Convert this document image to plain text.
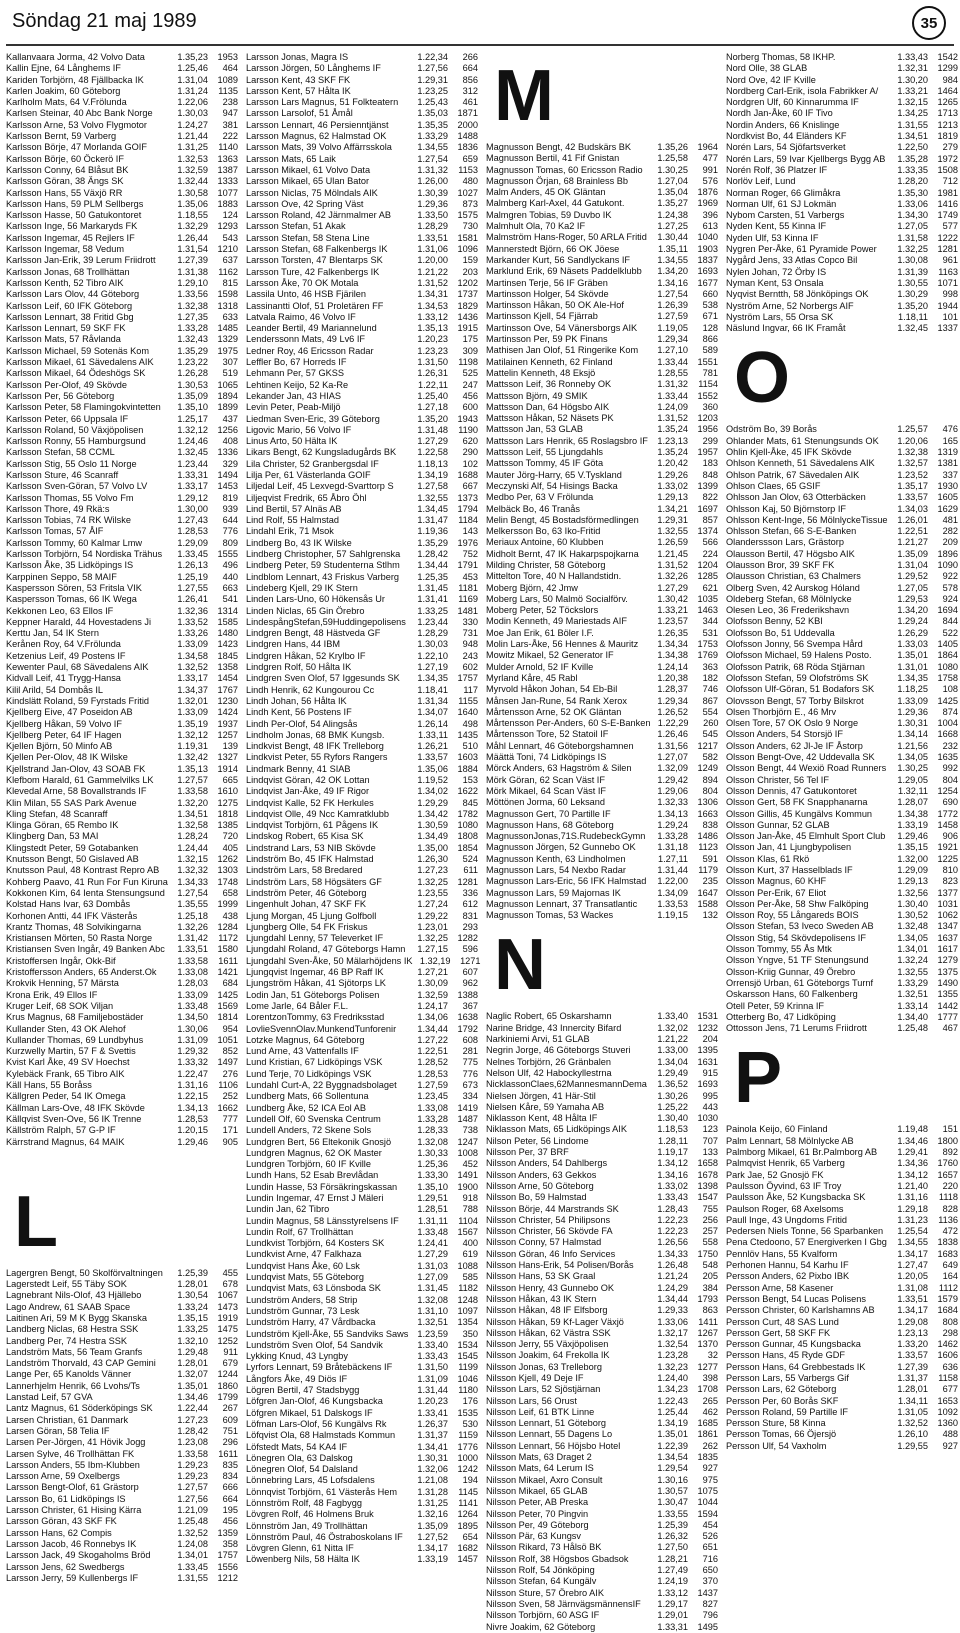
Söndag 21 maj 1989	35
Kallanvaara Jorma, 42 Volvo Data	1.35,23	1953
Kallin Ejne, 64 Långhems IF	1.25,46	464
Kariden Torbjörn, 48 Fjällbacka IK	1.31,04	1089
Karlen Joakim, 60 Göteborg	1.31,24	1135
Karlholm Mats, 64 V.Frölunda	1.22,06	238
Karlsen Steinar, 40 Abc Bank Norge	1.30,03	947
Karlsson Arne, 53 Volvo Flygmotor	1.24,27	381
Karlsson Bernt, 59 Varberg	1.21,44	222
Karlsson Börje, 47 Morlanda GOIF	1.31,25	1140
Karlsson Börje, 60 Öckerö IF	1.32,53	1363
Karlsson Conny, 64 Blåsut BK	1.32,59	1387
Karlsson Göran, 38 Ängs SK	1.32,44	1333
Karlsson Hans, 55 Växjö RR	1.30,58	1077
Karlsson Hans, 59 PLM Sellbergs	1.35,06	1883
Karlsson Hasse, 50 Gatukontoret	1.18,55	124
Karlsson Inge, 56 Markaryds FK	1.32,29	1293
Karlsson Ingemar, 45 Rejlers IF	1.26,44	543
Karlsson Ingemar, 58 Vedum	1.31,54	1210
Karlsson Jan-Erik, 39 Lerum Friidrott	1.27,39	637
Karlsson Jonas, 68 Trollhättan	1.31,38	1162
Karlsson Kenth, 52 Tibro AIK	1.29,10	815
Karlsson Lars Olov, 44 Göteborg	1.33,56	1598
Karlsson Leif, 60 IFK Göteborg	1.32,38	1318
Karlsson Lennart, 38 Fritid Gbg	1.27,35	633
Karlsson Lennart, 59 SKF FK	1.33,28	1485
Karlsson Mats, 57 Råvlanda	1.32,43	1329
Karlsson Michael, 59 Sotenäs Kom	1.35,29	1975
Karlsson Mikael, 61 Sävedalens AIK	1.23,22	307
Karlsson Mikael, 64 Ödeshögs SK	1.26,28	519
Karlsson Per-Olof, 49 Skövde	1.30,53	1065
Karlsson Per, 56 Göteborg	1.35,09	1894
Karlsson Peter, 58 Flamingokvintetten	1.35,10	1899
Karlsson Peter, 66 Uppsala IF	1.25,17	437
Karlsson Roland, 50 Växjöpolisen	1.32,12	1256
Karlsson Ronny, 55 Hamburgsund	1.24,46	408
Karlsson Stefan, 58 CCML	1.32,45	1336
Karlsson Stig, 55 Oslo 11 Norge	1.23,44	329
Karlsson Sture, 46 Scanraff	1.33,31	1494
Karlsson Sven-Göran, 57 Volvo LV	1.33,17	1453
Karlsson Thomas, 55 Volvo Fm	1.29,12	819
Karlsson Thore, 49 Rkä:s	1.30,00	939
Karlsson Tobias, 74 RK Wilske	1.27,43	644
Karlsson Tomas, 57 ÅIF	1.28,53	776
Karlsson Tommy, 60 Kalmar Lmw	1.29,09	809
Karlsson Torbjörn, 54 Nordiska Trähus	1.33,45	1555
Karlsson Åke, 35 Lidköpings IS	1.26,13	496
Karppinen Seppo, 58 MAIF	1.25,19	440
Kaspersson Sören, 53 Fritsla VIK	1.27,55	663
Kaspersson Tomas, 66 IK Wega	1.26,41	541
Kekkonen Leo, 63 Ellos IF	1.32,36	1314
Keppner Harald, 44 Hovestadens Ji	1.33,52	1585
Kerttu Jan, 54 IK Stern	1.33,26	1480
Kerånen Roy, 64 V.Frölunda	1.33,09	1423
Ketzenius Leif, 49 Postens IF	1.34,58	1845
Kewenter Paul, 68 Sävedalens AIK	1.32,52	1358
Kidvall Leif, 41 Trygg-Hansa	1.33,17	1454
Kilil Arild, 54 Dombås IL	1.34,37	1767
Kindslätt Roland, 59 Fyrstads Fritid	1.32,01	1230
Kjellberg Eive, 47 Poseidon AB	1.33,09	1424
Kjellberg Håkan, 59 Volvo IF	1.35,19	1937
Kjellberg Peter, 64 IF Hagen	1.32,12	1257
Kjellen Björn, 50 Minfo AB	1.19,31	139
Kjellen Per-Olov, 48 IK Wilske	1.32,42	1327
Kjellstrand Jan-Olov, 43 SOAB FK	1.35,13	1914
Klefbom Harald, 61 Gammelvilks LK	1.27,57	665
Klevedal Arne, 58 Bovallstrands IF	1.33,58	1610
Klin Milan, 55 SAS Park Avenue	1.32,20	1275
Kling Stefan, 48 Scanraff	1.34,51	1818
Klinga Göran, 65 Rembo IK	1.32,58	1385
Klingberg Dan, 53 MAI	1.28,24	720
Klingstedt Peter, 59 Gotabanken	1.24,44	405
Knutsson Bengt, 50 Gislaved AB	1.32,15	1262
Knutsson Paul, 48 Kontrast Repro AB	1.32,32	1303
Kohberg Paavo, 41 Run For Fun Kiruna	1.34,33	1748
Kokkonen Kim, 64 Ienta Stensungsund	1.27,54	658
Kolstad Hans Ivar, 63 Dombås	1.35,55	1999
Korhonen Antti, 44 IFK Västerås	1.25,18	438
Krantz Thomas, 48 Solvikingarna	1.32,26	1284
Kristiansen Mörten, 50 Rasta Norge	1.31,42	1172
Kristiansen Sven Ingår, 49 Banken Abc	1.33,51	1580
Kristoffersen Ingår, Okk-Bif	1.33,58	1611
Kristoffersson Anders, 65 Anderst.Ok	1.33,08	1421
Krokvik Henning, 57 Märsta	1.28,03	684
Krona Erik, 49 Ellos IF	1.33,09	1425
Kruger Leif, 68 SOK Viljan	1.33,48	1569
Krus Magnus, 68 Familjebostäder	1.34,50	1814
Kullander Sten, 43 OK Alehof	1.30,06	954
Kullander Thomas, 69 Lundbyhus	1.31,09	1051
Kurzwelly Martin, 57 F & Svettis	1.29,32	852
Kvist Karl Åke, 49 SV Hoechst	1.33,32	1497
Kylebäck Frank, 65 Tibro AIK	1.22,47	276
Käll Hans, 55 Boråss	1.31,16	1106
Källgren Peder, 54 IK Omega	1.22,15	252
Källman Lars-Ove, 48 IFK Skövde	1.34,13	1662
Källqvist Sven-Ove, 56 IK Trenne	1.28,53	777
Källström Ralph, 57 G-P IF	1.20,15	171
Kärrstrand Magnus, 64 MAIK	1.29,46	905
L
Lagergren Bengt, 50 Skolförvaltningen	1.25,39	455
Lagerstedt Leif, 55 Täby SOK	1.28,01	678
Lagnebrant Nils-Olof, 43 Hjällebo	1.30,54	1067
Lago Andrew, 61 SAAB Space	1.33,24	1473
Laitinen Ari, 59 M K Bygg Skanska	1.35,15	1919
Landberg Niclas, 68 Hestra SSK	1.33,25	1475
Landberg Per, 74 Hestra SSK	1.32,10	1252
Landström Mats, 56 Team Granfs	1.29,48	911
Landström Thorvald, 43 CAP Gemini	1.28,01	679
Lange Per, 65 Kanolds Vänner	1.32,07	1244
Lannerhjelm Henrik, 66 Lvohs/Ts	1.35,01	1860
Lanstad Leif, 57 GVA	1.34,46	1799
Lantz Magnus, 61 Söderköpings SK	1.22,44	267
Larsen Christian, 61 Danmark	1.27,23	609
Larsen Göran, 58 Telia IF	1.28,42	751
Larsen Per-Jörgen, 41 Hövik Jogg	1.23,08	296
Larsen Sylve, 46 Trollhättan FK	1.33,58	1611
Larsson Anders, 55 Ibm-Klubben	1.29,23	835
Larsson Arne, 59 Oxelbergs	1.29,23	834
Larsson Bengt-Olof, 61 Grästorp	1.27,57	666
Larsson Bo, 61 Lidköpings IS	1.27,56	664
Larsson Christer, 61 Hising Kärra	1.21,09	195
Larsson Göran, 43 SKF FK	1.25,48	456
Larsson Hans, 62 Compis	1.32,52	1359
Larsson Jacob, 46 Ronnebys IK	1.24,08	358
Larsson Jack, 49 Skogaholms Bröd	1.34,01	1757
Larsson Jens, 62 Swedbergs	1.33,45	1556
Larsson Jerry, 59 Kullenbergs IF	1.31,55	1212
Larsson Jonas, Magra IS	1.22,34	266
Larsson Jörgen, 50 Långhems IF	1.27,56	664
Larsson Kent, 43 SKF FK	1.29,31	856
Larsson Kent, 57 Hålta IK	1.23,25	312
Larsson Lars Magnus, 51 Folkteatern	1.25,43	461
Larsson Larsolof, 51 Åmål	1.35,03	1871
Larsson Lennart, 46 Persienntjänst	1.35,35	2000
Larsson Magnus, 62 Halmstad OK	1.33,29	1488
Larsson Mats, 39 Volvo Affärrsskola	1.34,55	1836
Larsson Mats, 65 Laik	1.27,54	659
Larsson Mikael, 61 Volvo Data	1.31,32	1153
Larsson Mikael, 65 Ulan Bator	1.26,00	480
Larsson Niclas, 75 Mölndals AIK	1.30,39	1027
Larsson Ove, 42 Spring Väst	1.29,36	873
Larsson Roland, 42 Järnmalmer AB	1.33,50	1575
Larsson Stefan, 51 Akak	1.28,29	730
Larsson Stefan, 58 Stena Line	1.33,51	1581
Larsson Stefan, 68 Falkenbergs IK	1.31,06	1096
Larsson Torsten, 47 Blentarps SK	1.20,00	159
Larsson Ture, 42 Falkenbergs IK	1.21,22	203
Larsson Åke, 70 OK Motala	1.31,52	1202
Lassila Unto, 46 HSB Fjärilen	1.34,31	1737
Lassinantti Olof, 51 Proletären FF	1.34,53	1829
Latvala Raimo, 46 Volvo IF	1.33,12	1436
Leander Bertil, 49 Mariannelund	1.35,13	1915
Lenderssonn Mats, 49 Lv6 IF	1.20,23	175
Ledner Roy, 46 Ericsson Radar	1.23,23	309
Leffler Bo, 67 Horreds IF	1.31,50	1198
Lehmann Per, 57 GKSS	1.26,31	525
Lehtinen Keijo, 52 Ka-Re	1.22,11	247
Lekander Jan, 43 HIAS	1.25,40	456
Levin Peter, Peab-Miljö	1.27,18	600
Liedman Sven-Eric, 39 Göteborg	1.35,20	1943
Ligovic Mario, 56 Volvo IF	1.31,48	1190
Linus Arto, 50 Hälta IK	1.27,29	620
Likars Bengt, 62 Kungsladugårds BK	1.22,58	290
Lila Christer, 52 Granbergsdal IF	1.18,13	102
Lilja Per, 61 Västerlanda GOIF	1.34,19	1688
Liljedal Leif, 45 Lexvegd-Svarttorp S	1.27,58	667
Liljeqvist Fredrik, 65 Åbro Öhl	1.32,55	1373
Lind Bertil, 57 Alnäs AB	1.34,45	1794
Lind Rolf, 55 Halmstad	1.31,47	1184
Lindahl Erik, 71 Msok	1.19,36	143
Lindberg Bo, 43 IK Wilske	1.35,29	1976
Lindberg Christopher, 57 Sahlgrenska	1.28,42	752
Lindberg Peter, 59 Studenterna Stlhm	1.34,44	1791
Lindblom Lennart, 43 Friskus Varberg	1.25,35	453
Lindeberg Kjell, 29 IK Stern	1.31,45	1181
Linden Lars-Uno, 60 Hökensås Ur	1.31,41	1169
Linden Niclas, 65 Gin Örebro	1.33,25	1481
LindespångStefan,59Huddingepolisens	1.23,44	330
Lindgren Bengt, 48 Hästveda GF	1.28,29	731
Lindgren Hans, 44 IBM	1.30,03	948
Lindgren Håkan, 52 Krylbo IF	1.22,10	243
Lindgren Rolf, 50 Hålta IK	1.27,19	602
Lindgren Sven Olof, 57 Iggesunds SK	1.34,35	1757
Lindh Henrik, 62 Kungourou Cc	1.18,41	117
Lindh Johan, 56 Hålta IK	1.31,34	1155
Lindh Kent, 56 Postens IF	1.34,07	1640
Lindh Per-Olof, 54 Alingsås	1.26,14	498
Lindholm Jonas, 68 BMK Kungsb.	1.33,11	1435
Lindkvist Bengt, 48 IFK Trelleborg	1.26,21	510
Lindkvist Peter, 55 Ryfors Rangers	1.33,57	1603
Lindmark Benny, 41 SIAB	1.35,06	1884
Lindqvist Göran, 42 OK Lottan	1.19,52	153
Lindqvist Jan-Åke, 49 IF Rigor	1.34,02	1622
Lindqvist Kalle, 52 FK Herkules	1.29,29	845
Lindqvist Olle, 49 Ncc Kamratklubb	1.34,42	1782
Lindqvist Torbjörn, 61 Pågens IK	1.30,59	1080
Lindskog Robert, 65 Kisa SK	1.34,49	1808
Lindstrand Lars, 53 NIB Skövde	1.35,00	1854
Lindström Bo, 45 IFK Halmstad	1.26,30	524
Lindström Lars, 58 Bredared	1.27,23	611
Lindström Lars, 58 Högsäters GF	1.32,25	1281
Lindström Peter, 46 Göteborg	1.23,55	336
Lingenhult Johan, 47 SKF FK	1.27,24	612
Ljung Morgan, 45 Ljung Golfboll	1.29,22	831
Ljungberg Olle, 54 FK Friskus	1.23,01	293
Ljungdahl Lenny, 57 Televerket IF	1.32,25	1282
Ljungdahl Roland, 47 Göteborgs Hamn	1.27,15	596
Ljungdahl Sven-Åke, 50 Mälarhöjdens IK 1.32,19	1271
Ljungqvist Ingemar, 46 BP Raff IK	1.27,21	607
Ljungström Håkan, 41 Sjötorps LK	1.30,09	962
Lodin Jan, 51 Göteborgs Polisen	1.32,59	1388
Lome Jarle, 64 Båler F.L.	1.24,17	367
LorentzonTommy, 63 Fredriksstad	1.34,06	1638
LovlieSvennOlav.MunkendTunforenir	1.34,44	1792
Lotzke Magnus, 64 Göteborg	1.27,22	608
Lund Arne, 43 Vattenfalls IF	1.22,51	281
Lund Kristian, 67 Lidköpings VSK	1.28,52	775
Lund Terje, 70 Lidköpings VSK	1.28,53	776
Lundahl Curt-A, 22 Byggnadsbolaget	1.27,59	673
Lundberg Mats, 66 Sollentuna	1.23,45	334
Lundberg Åke, 52 ICA Eol AB	1.33,08	1419
Lundell Olf, 60 Svenska Centrum	1.33,28	1487
Lundell Anders, 72 Skene Sols	1.28,33	738
Lundgren Bert, 56 Eltekonik Gnosjö	1.32,08	1247
Lundgren Magnus, 62 OK Master	1.30,33	1008
Lundgren Torbjörn, 60 IF Kville	1.25,36	452
Lundh Hans, 52 Esab Brevlådan	1.33,30	1491
Lundin Hasse, 53 Försäkringskassan	1.35,10	1900
Lundin Ingemar, 47 Ernst J Mäleri	1.29,51	918
Lundin Jan, 62 Tibro	1.28,51	788
Lundin Magnus, 58 Länsstyrelsens IF	1.31,11	1104
Lundin Rolf, 67 Trollhättan	1.33,48	1567
Lundkvist Torbjörn, 64 Kosters SK	1.24,41	400
Lundkvist Arne, 47 Falkhaza	1.27,29	619
Lundqvist Hans Åke, 60 Lsk	1.31,03	1088
Lundqvist Mats, 55 Göteborg	1.27,09	585
Lundqvist Mats, 63 Lönsboda SK	1.31,45	1182
Lundström Anders, 58 Strip	1.32,08	1248
Lundström Gunnar, 73 Lesk	1.31,10	1097
Lundström Harry, 47 Vårdbacka	1.32,51	1354
Lundström Kjell-Åke, 55 Sandviks Saws 1.23,59	350
Lundström Sven Olof, 54 Sandvik	1.33,40	1534
Lykking Knud, 43 Lyngby	1.33,43	1545
Lyrfors Lennart, 59 Bråtebäckens IF	1.31,50	1199
Långfors Åke, 49 Diös IF	1.31,09	1046
Lögren Bertil, 47 Stadsbygg	1.31,44	1180
Löfgren Jan-Olof, 46 Kungsbacka	1.20,23	176
Löfgren Mikael, 51 Dalskogs IF	1.33,41	1535
Löfman Lars-Olof, 56 Kungälvs Rk	1.26,37	530
Löfqvist Ola, 68 Halmstads Kommun	1.31,37	1159
Löfstedt Mats, 54 KA4 IF	1.34,41	1776
Lönegren Ola, 63 Dalskog	1.30,31	1000
Lönegren Olof, 54 Dalsland	1.32,06	1242
Lönnebring Lars, 45 Lofsdalens	1.21,08	194
Lönnqvist Torbjörn, 61 Västerås Hem	1.31,28	1145
Lönnström Rolf, 48 Fagbygg	1.31,25	1141
Lövgren Rolf, 46 Holmens Bruk	1.32,16	1264
Lönnström Jan, 49 Trollhättan	1.35,09	1895
Lönnström Paul, 46 Östraboskolans IF	1.27,52	654
Lövgren Glenn, 61 Nitta IF	1.34,17	1682
Löwenberg Nils, 58 Hälta IK	1.33,19	1457
M
Magnusson Bengt, 42 Budskärs BK	1.35,26	1964
Magnusson Bertil, 41 Fif Gnistan	1.25,58	477
Magnusson Tomas, 60 Ericsson Radio	1.30,25	991
Magnusson Örjan, 68 Brainless Bb	1.27,04	576
Malm Anders, 45 OK Gläntan	1.35,04	1876
Malmberg Karl-Axel, 44 Gatukont.	1.35,27	1969
Malmgren Tobias, 59 Duvbo IK	1.24,38	396
Malmhult Ola, 70 Ka2 IF	1.27,25	613
Malmström Hans-Roger, 50 ARLA Fritid	1.30,44	1040
Mannerstedt Björn, 66 OK Jöese	1.35,11	1903
Markander Kurt, 56 Sandlyckans IF	1.34,55	1837
Marklund Erik, 69 Näsets Paddelklubb	1.34,20	1693
Martinsen Terje, 56 IF Gräben	1.34,16	1677
Martinsson Holger, 54 Skövde	1.27,54	660
Martinsson Håkan, 50 OK Ale-Hof	1.26,39	538
Martinsson Kjell, 54 Fjärrab	1.27,59	671
Martinsson Ove, 54 Vänersborgs AIK	1.19,05	128
Martinsson Per, 59 PK Finans	1.29,34	866
Mathisen Jan Olof, 51 Ringerike Kom	1.27,10	589
Matilainen Kenneth, 62 Finland	1.33,44	1551
Mattelin Kenneth, 48 Eksjö	1.28,55	781
Mattsson Leif, 36 Ronneby OK	1.31,32	1154
Mattsson Björn, 49 SMIK	1.33,44	1552
Mattsson Dan, 64 Högsbo AIK	1.24,09	360
Mattsson Håkan, 52 Näsets PK	1.31,52	1203
Mattsson Jan, 53 GLAB	1.35,24	1956
Mattsson Lars Henrik, 65 Roslagsbro IF	1.23,13	299
Mattsson Leif, 55 Ljungdahls	1.35,24	1957
Mattsson Tommy, 45 IF Göta	1.20,42	183
Mauter Jörg-Harry, 65 V.Tyskland	1.29,26	848
Meczynski Alf, 54 Hisings Backa	1.33,02	1399
Medbo Per, 63 V Frölunda	1.29,13	822
Melbäck Bo, 46 Tranås	1.34,21	1697
Melin Bengt, 45 Bostadsförmedlingen	1.29,31	857
Melkersson Bo, 63 Iko-Fritid	1.32,55	1374
Meriaux Antoine, 60 Klubben	1.26,59	566
Midholt Bernt, 47 IK Hakarpspojkarna	1.21,45	224
Milding Christer, 58 Göteborg	1.31,52	1204
Mittelton Tore, 40 N Hallandstidn.	1.32,26	1285
Moberg Björn, 42 Jmw	1.27,29	621
Moberg Lars, 50 Malmö Socialförv.	1.30,42	1035
Moberg Peter, 52 Töckslors	1.33,21	1463
Modin Kenneth, 49 Mariestads AIF	1.23,57	344
Moe Jan Erik, 61 Böler I.F.	1.26,35	531
Molin Lars-Åke, 56 Hennes & Mauritz	1.34,34	1753
Mowitz Mikael, 52 Generator IF	1.34,38	1769
Mulder Arnold, 52 IF Kville	1.24,14	363
Myrland Kåre, 45 Rabl	1.20,38	182
Myrvold Håkon Johan, 54 Eb-Bil	1.28,37	746
Månsen Jan-Rune, 54 Rank Xerox	1.29,34	867
Mårtensson Arne, 52 OK Gläntan	1.26,52	554
Mårtensson Per-Anders, 60 S-E-Banken 1.22,29	260
Mårtensson Tore, 52 Statoil IF	1.26,46	545
Måhl Lennart, 46 Göteborgshamnen	1.31,56	1217
Määttä Toni, 74 Lidköpings IS	1.27,07	582
Mörck Anders, 63 Hagström & Silen	1.32,09	1249
Mörk Göran, 62 Scan Väst IF	1.29,42	894
Mörk Mikael, 64 Scan Väst IF	1.29,06	804
Möttönen Jorma, 60 Leksand	1.32,33	1306
Magnusson Gert, 70 Partille IF	1.34,13	1663
Magnusson Hans, 68 Göteborg	1.29,24	838
MagnussonJonas,71S.RudebeckGymn	1.33,28	1486
Magnusson Jörgen, 52 Gunnebo OK	1.31,18	1123
Magnusson Kenth, 63 Lindholmen	1.27,11	591
Magnusson Lars, 54 Nexbo Radar	1.31,44	1179
Magnusson Lars-Eric, 56 IFK Halmstad	1.22,00	235
Magnusson Lars, 59 Majornas IK	1.34,09	1647
Magnusson Lennart, 37 Transatlantic	1.33,53	1588
Magnusson Tomas, 53 Wackes	1.19,15	132
N
Naglic Robert, 65 Oskarshamn	1.33,40	1531
Narine Bridge, 43 Innercity Bifard	1.32,02	1232
Narkiniemi Arvi, 51 GLAB	1.21,22	204
Negrin Jorge, 46 Göteborgs Stuveri	1.33,00	1395
Nelnes Torbjörn, 26 Gränbalen	1.34,04	1631
Nelson Ulf, 42 Habockyllestrna	1.29,49	915
NicklassonClaes,62MannesmannDema	1.36,52	1693
Nielsen Jörgen, 41 Här-Stil	1.30,26	995
Nielsen Kåre, 59 Yamaha AB	1.25,22	443
Niklasson Kent, 48 Hålta IF	1.30,40	1030
Niklasson Mats, 65 Lidköpings AIK	1.18,53	123
Nilson Peter, 56 Lindome	1.28,11	707
Nilsson Per, 37 BRF	1.19,17	133
Nilsson Anders, 54 Dahlbergs	1.34,12	1658
Nilsson Anders, 63 Gekkos	1.34,16	1678
Nilsson Arne, 50 Göteborg	1.33,02	1398
Nilsson Bo, 59 Halmstad	1.33,43	1547
Nilsson Börje, 44 Marstrands SK	1.28,43	755
Nilsson Christer, 54 Philipsons	1.22,23	256
Nilsson Christer, 56 Skövde FA	1.22,23	257
Nilsson Conny, 57 Halmstad	1.26,56	558
Nilsson Göran, 46 Info Services	1.34,33	1750
Nilsson Hans-Erik, 54 Polisen/Borås	1.26,48	548
Nilsson Hans, 53 SK Graal	1.21,24	205
Nilsson Henry, 43 Gunnebo OK	1.24,29	384
Nilsson Håkan, 43 IK Stern	1.34,44	1793
Nilsson Håkan, 48 IF Elfsborg	1.29,33	863
Nilsson Håkan, 59 Kf-Lager Växjö	1.33,06	1411
Nilsson Håkan, 62 Västra SSK	1.32,17	1267
Nilsson Jerry, 55 Växjöpolisen	1.32,54	1370
Nilsson Joakim, 64 Frekolla IK	1.23,28	32
Nilsson Jonas, 63 Trelleborg	1.32,23	1277
Nilsson Kjell, 49 Deje IF	1.24,40	398
Nilsson Lars, 52 Sjöstjärnan	1.34,23	1708
Nilsson Lars, 56 Orust	1.22,43	265
Nilsson Leif, 61 BTK Linne	1.25,44	462
Nilsson Lennart, 51 Göteborg	1.34,19	1685
Nilsson Lennart, 55 Dagens Lo	1.35,01	1861
Nilsson Lennart, 56 Höjsbo Hotel	1.22,39	262
Nilsson Mats, 63 Draget 2	1.34,54	1835
Nilsson Mats, 64 Lerum IS	1.29,54	927
Nilsson Mikael, Axro Consult	1.30,16	975
Nilsson Mikael, 65 GLAB	1.30,57	1075
Nilsson Peter, AB Preska	1.30,47	1044
Nilsson Peter, 70 Pingvin	1.33,55	1594
Nilsson Per, 49 Göteborg	1.25,39	454
Nilsson Pär, 63 Kungsv	1.26,32	526
Nilsson Rikard, 73 Hålsö BK	1.27,50	651
Nilsson Rolf, 38 Högsbos Gbadsok	1.28,21	716
Nilsson Rolf, 54 Jönköping	1.27,49	650
Nilsson Stefan, 64 Kungälv	1.24,19	370
Nilsson Sture, 57 Örebro AIK	1.33,12	1437
Nilsson Sven, 58 JärnvägsmännensIF	1.29,17	827
Nilsson Torbjörn, 60 ASG IF	1.29,01	796
Nivre Joakim, 62 Göteborg	1.33,31	1495
Norberg Thomas, 58 IKHP.	1.33,43	1542
Nord Olle, 38 GLAB	1.32,31	1299
Nord Ove, 42 IF Kville	1.30,20	984
Nordberg Carl-Erik, isola Fabrikker A/	1.33,21	1464
Nordgren Ulf, 60 Kinnarumma IF	1.32,15	1265
Nordh Jan-Åke, 60 IF Tivo	1.34,25	1713
Nordin Anders, 66 Knislinge	1.31,55	1213
Nordkvist Bo, 44 Eländers KF	1.34,51	1819
Norén Lars, 54 Sjöfartsverket	1.22,50	279
Norén Lars, 59 Ivar Kjellbergs Bygg AB	1.35,28	1972
Norén Rolf, 36 Platzer IF	1.33,35	1508
Norlöv Leif, Lund	1.28,20	712
Norman Roger, 66 Glimåkra	1.35,30	1981
Norman Ulf, 61 SJ Lokmän	1.33,06	1416
Nybom Carsten, 51 Varbergs	1.34,30	1749
Nyden Kent, 55 Kinna IF	1.27,05	577
Nyden Ulf, 53 Kinna IF	1.31,58	1222
Nygren Per-Åke, 61 Pyramide Power	1.32,25	1281
Nygård Jens, 33 Atlas Copco Bil	1.30,08	961
Nylen Johan, 72 Örby IS	1.31,39	1163
Nyman Kent, 53 Onsala	1.30,55	1071
Nyqvist Berntth, 58 Jönköpings OK	1.30,29	998
Nyström Arne, 52 Norbergs AIF	1.35,20	1944
Nyström Lars, 55 Orsa SK	1.18,11	101
Näslund Ingvar, 66 IK Framåt	1.32,45	1337
O
Odström Bo, 39 Borås	1.25,57	476
Ohlander Mats, 61 Stenungsunds OK	1.20,06	165
Ohlin Kjell-Åke, 45 IFK Skövde	1.32,38	1319
Ohlson Kenneth, 51 Sävedalens AIK	1.32,57	1381
Ohlson Patrik, 67 Sävedalen AIK	1.23,52	337
Ohlson Claes, 65 GSIF	1.35,17	1930
Ohlsson Jan Olov, 63 Otterbäcken	1.33,57	1605
Ohlsson Kaj, 50 Björnstorp IF	1.34,03	1629
Ohlsson Kent-Inge, 56 MölnlyckeTissue	1.26,01	481
Ohlsson Stefan, 66 S-E-Banken	1.22,51	282
Olanderssson Lars, Grästorp	1.21,27	209
Olausson Bertil, 47 Högsbo AIK	1.35,09	1896
Olausson Bror, 39 SKF FK	1.31,04	1090
Olausson Christian, 63 Chalmers	1.29,52	922
Olberg Sven, 42 Aurskog Hóland	1.27,05	578
Oldeberg Stefan, 68 Mölnlycke	1.29,53	924
Olesen Leo, 36 Frederikshavn	1.34,20	1694
Olofsson Benny, 52 KBI	1.29,24	844
Olofsson Bo, 51 Uddevalla	1.26,29	522
Olofsson Jonny, 56 Svempa Hård	1.33,03	1405
Olofsson Michael, 59 Halens Posto.	1.35,01	1864
Olofsson Patrik, 68 Röda Stjärnan	1.31,01	1080
Olofsson Stefan, 59 Olofströms SK	1.34,35	1758
Olofsson Ulf-Göran, 51 Bodafors SK	1.18,25	108
Olovsson Bengt, 57 Torby Bilskrot	1.33,09	1425
Olsen Thorbjörn E., 46 Mrv	1.29,36	874
Olsen Tore, 57 OK Oslo 9 Norge	1.30,31	1004
Olsson Anders, 54 Storsjö IF	1.34,14	1668
Olsson Anders, 62 Jl-Je IF Åstorp	1.21,56	232
Olsson Bengt-Ove, 42 Uddevalla SK	1.34,05	1635
Olsson Bengt, 44 Wexiö Road Runners	1.30,25	992
Olsson Christer, 56 Tel IF	1.29,05	804
Olsson Dennis, 47 Gatukontoret	1.32,11	1254
Olsson Gert, 58 FK Snapphanarna	1.28,07	690
Olsson Gillis, 45 Kungälvs Kommun	1.34,38	1772
Olsson Gunnar, 52 GLAB	1.33,19	1458
Olsson Jan-Åke, 45 Elmhult Sport Club	1.29,46	906
Olsson Jan, 41 Ljungbypolisen	1.35,15	1921
Olsson Klas, 61 Rkö	1.32,00	1225
Olsson Kurt, 37 Hasselblads IF	1.29,09	810
Olsson Magnus, 60 KHF	1.29,13	823
Olsson Per-Erik, 67 Eliot	1.32,56	1377
Olsson Per-Åke, 58 Shw Falköping	1.30,40	1031
Olsson Roy, 55 Långareds BOIS	1.30,52	1062
Olsson Stefan, 53 Iveco Sweden AB	1.32,48	1347
Olsson Stig, 54 Skövdepolisens IF	1.34,05	1637
Olsson Tommy, 55 Ås Mtk	1.34,01	1617
Olsson Yngve, 51 TF Stenungsund	1.32,24	1279
Olsson-Kriig Gunnar, 49 Örebro	1.32,55	1375
Orrensjö Urban, 61 Göteborgs Turnf	1.33,29	1490
Oskarsson Hans, 60 Falkenberg	1.32,51	1355
Otell Peter, 59 Krinna IF	1.33,14	1442
Otterberg Bo, 47 Lidköping	1.34,40	1777
Ottosson Jens, 71 Lerums Friidrott	1.25,48	467
P
Painola Keijo, 60 Finland	1.19,48	151
Palm Lennart, 58 Mölnlycke AB	1.34,46	1800
Palmborg Mikael, 61 Br.Palmborg AB	1.29,41	892
Palmqvist Henrik, 65 Varberg	1.34,36	1760
Park Jae, 52 Gnosjö FK	1.34,12	1657
Paulsson Öyvind, 63 IF Troy	1.21,40	220
Paulsson Åke, 52 Kungsbacka SK	1.31,16	1118
Paulson Roger, 68 Axelsoms	1.29,18	828
Paull Inge, 43 Ungdoms Fritid	1.31,23	1136
Pedersen Niels Tonne, 56 Sparbanken	1.25,54	472
Pena Ctedoono, 57 Energiverken I Gbg	1.34,55	1838
Pennlöv Hans, 55 Kvalform	1.34,17	1683
Perhonen Hannu, 54 Karhu IF	1.27,47	649
Persson Anders, 62 Pixbo IBK	1.20,05	164
Persson Arne, 58 Kasener	1.31,08	1112
Persson Bengt, 54 Lucas Polisens	1.33,51	1579
Persson Christer, 60 Karlshamns AB	1.34,17	1684
Persson Curt, 48 SAS Lund	1.29,08	808
Persson Gert, 58 SKF FK	1.23,13	298
Persson Gunnar, 45 Kungsbacka	1.33,20	1462
Persson Hans, 45 Ryde GDF	1.33,57	1606
Persson Hans, 64 Grebbestads IK	1.27,39	636
Persson Lars, 55 Varbergs Gif	1.31,37	1158
Persson Lars, 62 Göteborg	1.28,01	677
Persson Per, 60 Borås SKF	1.34,11	1653
Persson Roland, 59 Partille IF	1.31,05	1092
Persson Sture, 58 Kinna	1.32,52	1360
Persson Tomas, 66 Öjersjö	1.26,10	488
Persson Ulf, 54 Vaxholm	1.29,55	927
